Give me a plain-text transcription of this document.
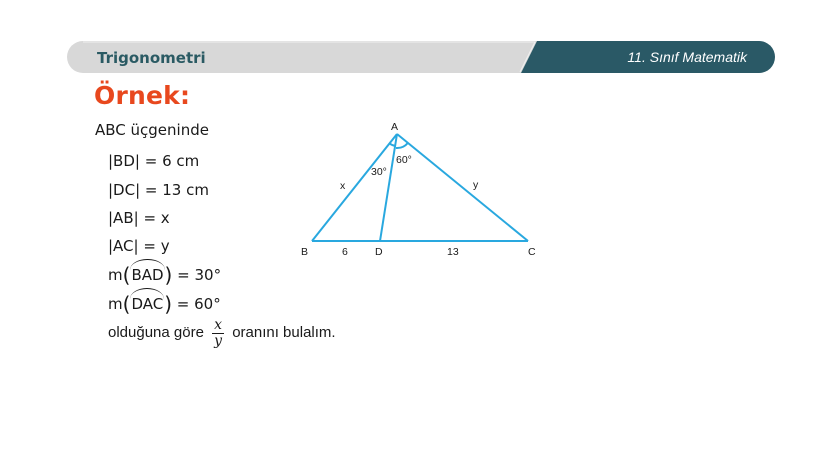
Trigonometri	11. Sınıf Matematik
Örnek:
ABC üçgeninde
|BD| = 6 cm
|DC| = 13 cm
|AB| = x
|AC| = y
m(BAD) = 30°
m(DAC) = 60°
olduğuna göre $\frac{x}{y}$ oranını bulalım.
A
B	D	C
x	y
6	13
30°
60°
